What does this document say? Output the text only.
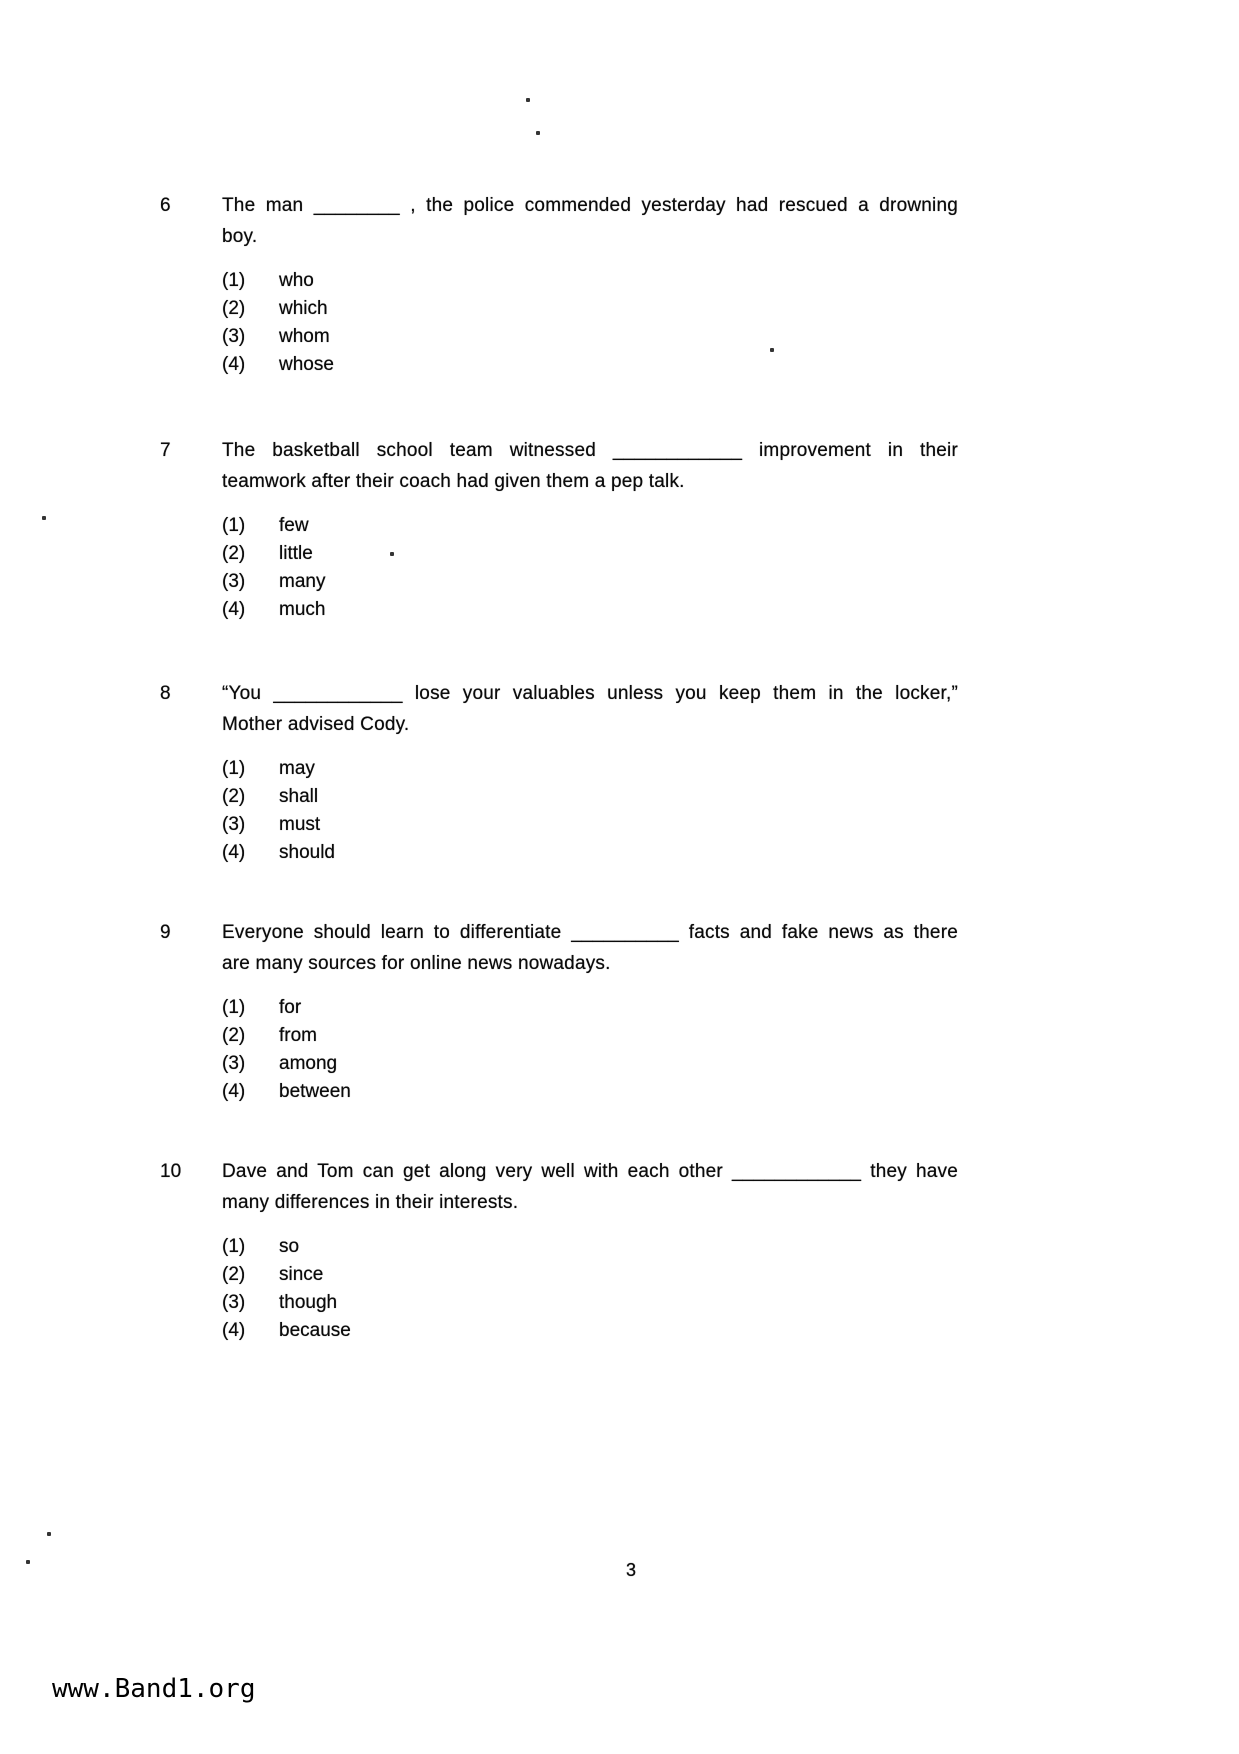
6	The man ________ , the police commended yesterday had rescued a drowning
boy.
(1)	who
(2)	which
(3)	whom
(4)	whose
7	The basketball school team witnessed ____________ improvement in their
teamwork after their coach had given them a pep talk.
(1)	few
(2)	little
(3)	many
(4)	much
8	“You ____________ lose your valuables unless you keep them in the locker,”
Mother advised Cody.
(1)	may
(2)	shall
(3)	must
(4)	should
9	Everyone should learn to differentiate __________ facts and fake news as there
are many sources for online news nowadays.
(1)	for
(2)	from
(3)	among
(4)	between
10	Dave and Tom can get along very well with each other ____________ they have
many differences in their interests.
(1)	so
(2)	since
(3)	though
(4)	because
3
www.Band1.org
